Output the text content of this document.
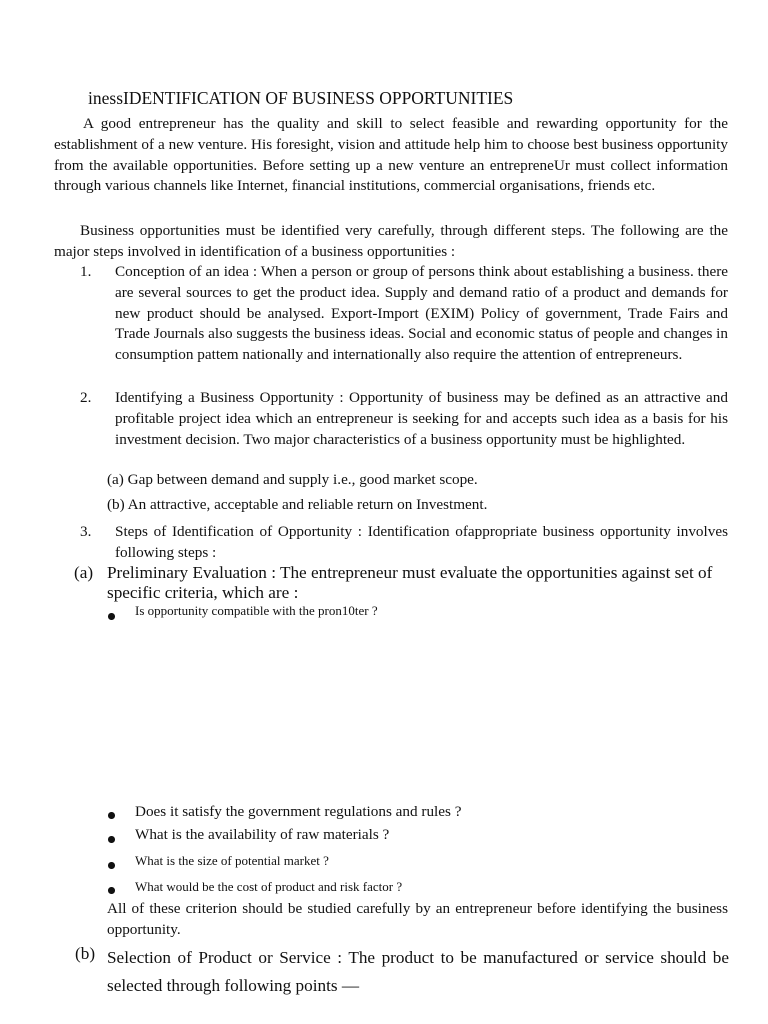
inessIDENTIFICATION OF BUSINESS OPPORTUNITIES
A good entrepreneur has the quality and skill to select feasible and rewarding opportunity for the establishment of a new venture. His foresight, vision and attitude help him to choose best business opportunity from the available opportunities. Before setting up a new venture an entrepreneUr must collect information through various channels like Internet, financial institutions, commercial organisations, friends etc.
Business opportunities must be identified very carefully, through different steps. The following are the major steps involved in identification of a business opportunities :
1. Conception of an idea : When a person or group of persons think about establishing a business. there are several sources to get the product idea. Supply and demand ratio of a product and demands for new product should be analysed. Export-Import (EXIM) Policy of government, Trade Fairs and Trade Journals also suggests the business ideas. Social and economic status of people and changes in consumption pattem nationally and internationally also require the attention of entrepreneurs.
2. Identifying a Business Opportunity : Opportunity of business may be defined as an attractive and profitable project idea which an entrepreneur is seeking for and accepts such idea as a basis for his investment decision. Two major characteristics of a business opportunity must be highlighted.
(a) Gap between demand and supply i.e., good market scope.
(b) An attractive, acceptable and reliable return on Investment.
3. Steps of Identification of Opportunity : Identification ofappropriate business opportunity involves following steps :
(a) Preliminary Evaluation : The entrepreneur must evaluate the opportunities against set of specific criteria, which are :
Is opportunity compatible with the pron10ter ?
Does it satisfy the government regulations and rules ?
What is the availability of raw materials ?
What is the size of potential market ?
What would be the cost of product and risk factor ?
All of these criterion should be studied carefully by an entrepreneur before identifying the business opportunity.
(b) Selection of Product or Service : The product to be manufactured or service should be selected through following points —
